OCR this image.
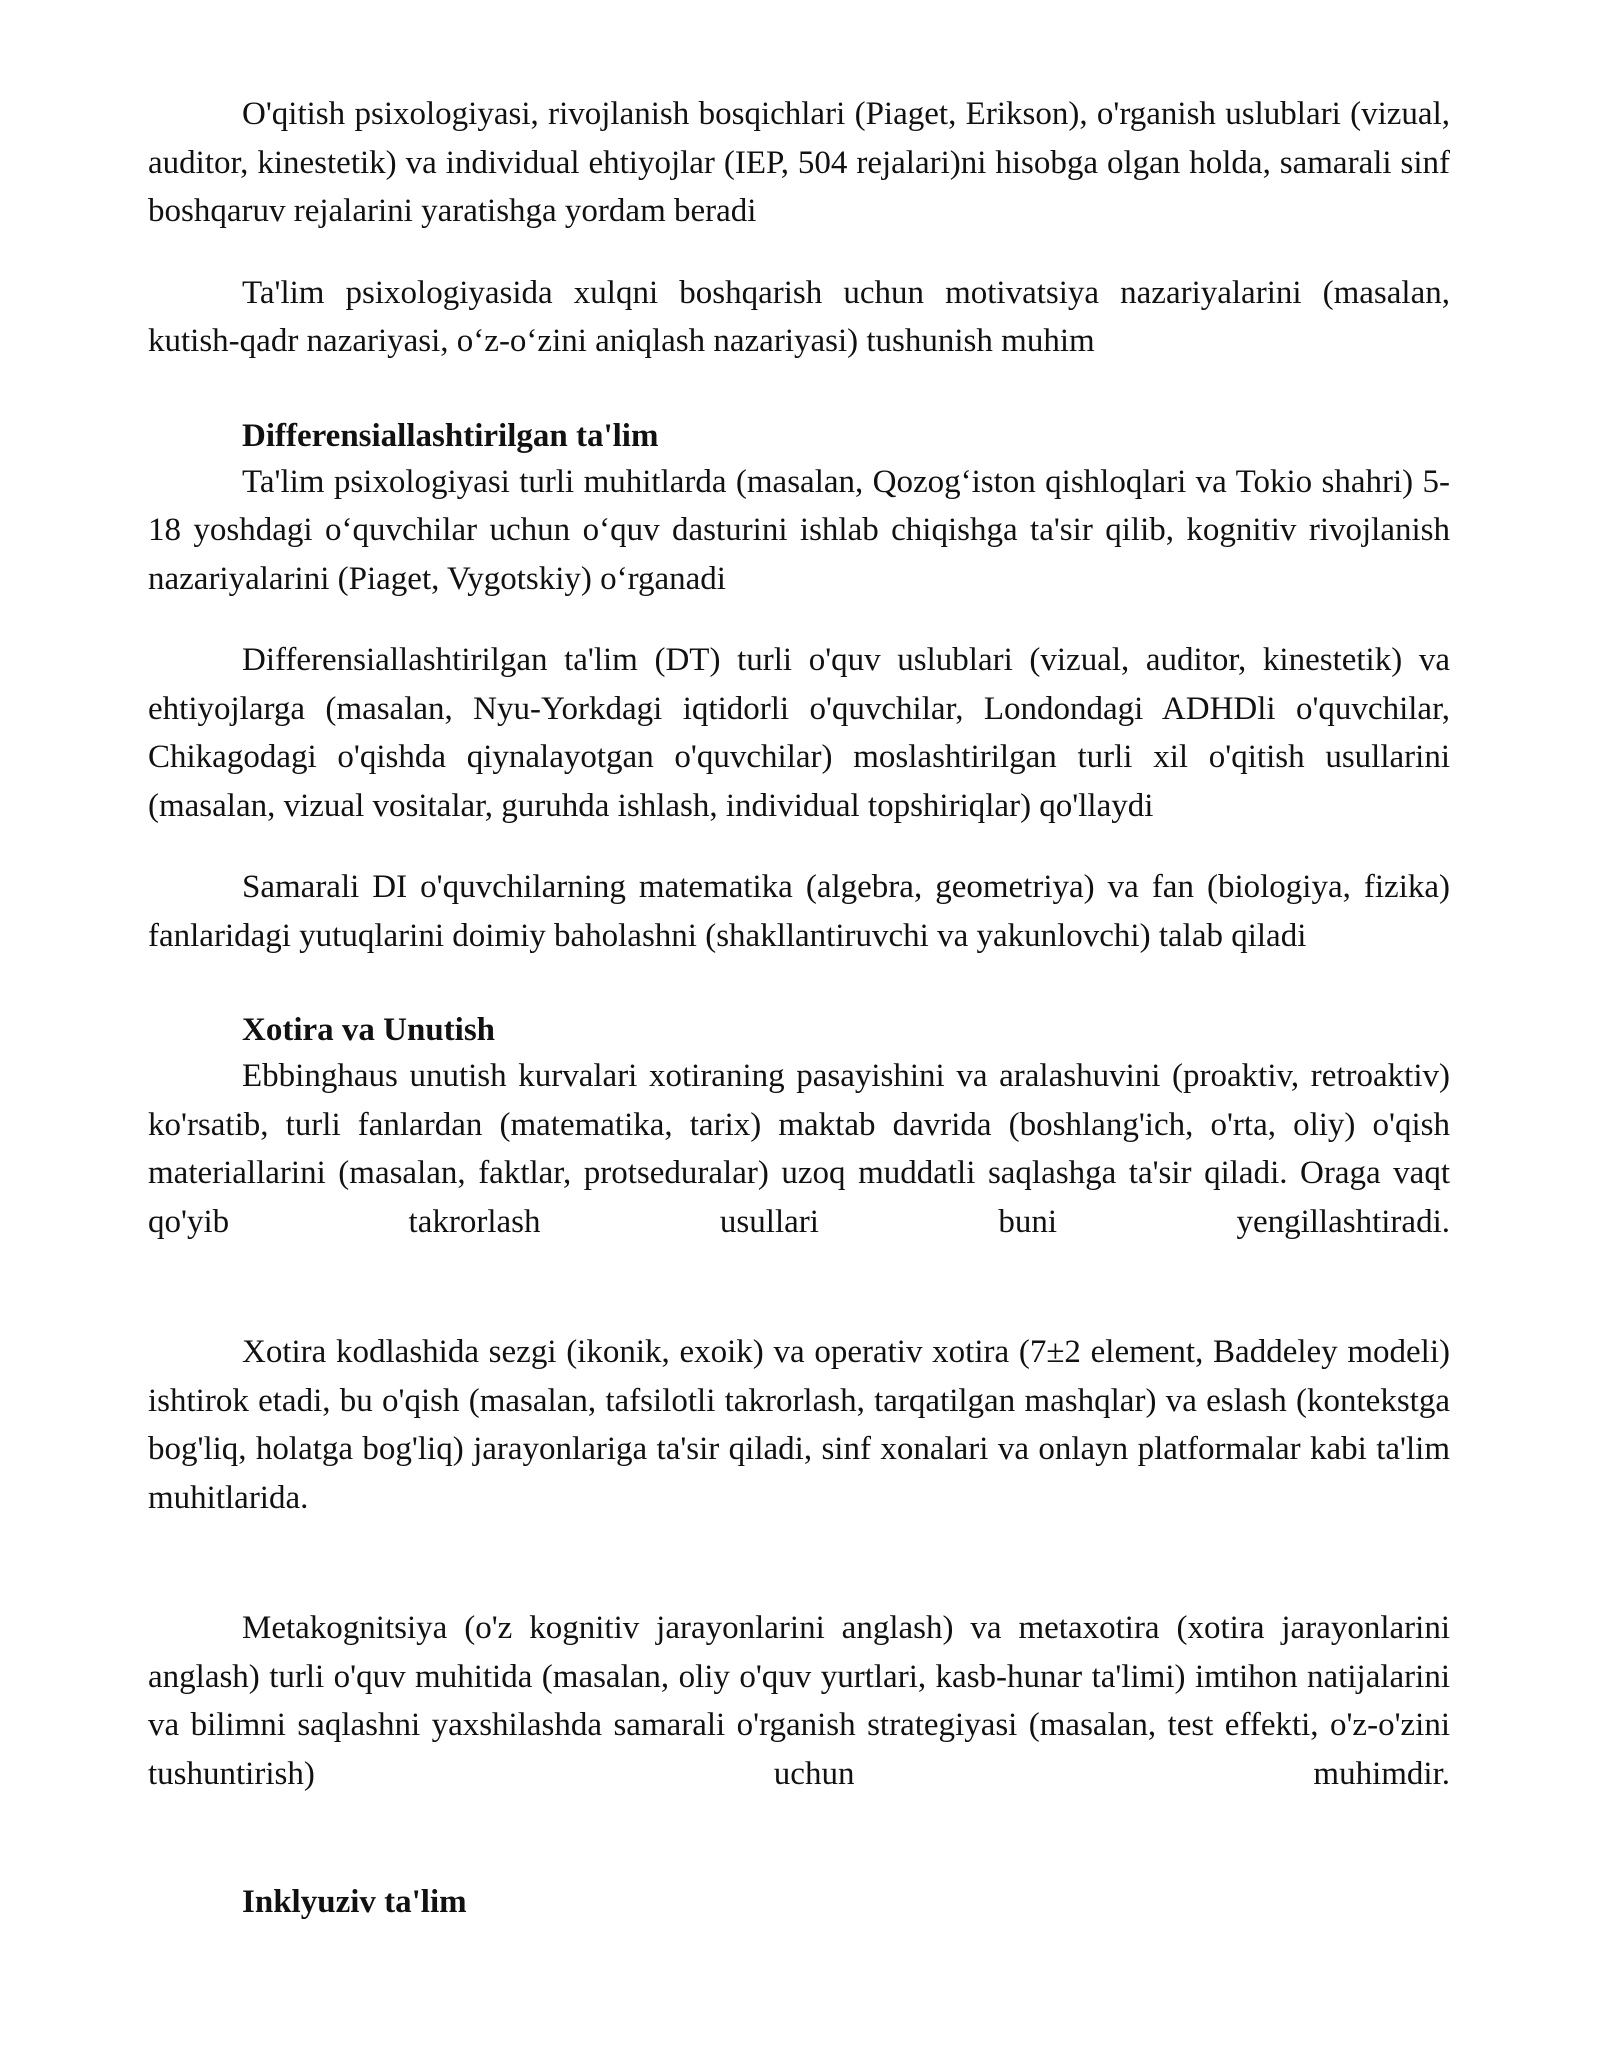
O'qitish psixologiyasi, rivojlanish bosqichlari (Piaget, Erikson), o'rganish uslublari (vizual, auditor, kinestetik) va individual ehtiyojlar (IEP, 504 rejalari)ni hisobga olgan holda, samarali sinf boshqaruv rejalarini yaratishga yordam beradi

Ta'lim psixologiyasida xulqni boshqarish uchun motivatsiya nazariyalarini (masalan, kutish-qadr nazariyasi, o‘z-o‘zini aniqlash nazariyasi) tushunish muhim

Differensiallashtirilgan ta'lim

Ta'lim psixologiyasi turli muhitlarda (masalan, Qozog‘iston qishloqlari va Tokio shahri) 5-18 yoshdagi o‘quvchilar uchun o‘quv dasturini ishlab chiqishga ta'sir qilib, kognitiv rivojlanish nazariyalarini (Piaget, Vygotskiy) o‘rganadi

Differensiallashtirilgan ta'lim (DT) turli o'quv uslublari (vizual, auditor, kinestetik) va ehtiyojlarga (masalan, Nyu-Yorkdagi iqtidorli o'quvchilar, Londondagi ADHDli o'quvchilar, Chikagodagi o'qishda qiynalayotgan o'quvchilar) moslashtirilgan turli xil o'qitish usullarini (masalan, vizual vositalar, guruhda ishlash, individual topshiriqlar) qo'llaydi

Samarali DI o'quvchilarning matematika (algebra, geometriya) va fan (biologiya, fizika) fanlaridagi yutuqlarini doimiy baholashni (shakllantiruvchi va yakunlovchi) talab qiladi

Xotira va Unutish

Ebbinghaus unutish kurvalari xotiraning pasayishini va aralashuvini (proaktiv, retroaktiv) ko'rsatib, turli fanlardan (matematika, tarix) maktab davrida (boshlang'ich, o'rta, oliy) o'qish materiallarini (masalan, faktlar, protseduralar) uzoq muddatli saqlashga ta'sir qiladi. Oraga vaqt qo'yib takrorlash usullari buni yengillashtiradi.

Xotira kodlashida sezgi (ikonik, exoik) va operativ xotira (7±2 element, Baddeley modeli) ishtirok etadi, bu o'qish (masalan, tafsilotli takrorlash, tarqatilgan mashqlar) va eslash (kontekstga bog'liq, holatga bog'liq) jarayonlariga ta'sir qiladi, sinf xonalari va onlayn platformalar kabi ta'lim muhitlarida.

Metakognitsiya (o'z kognitiv jarayonlarini anglash) va metaxotira (xotira jarayonlarini anglash) turli o'quv muhitida (masalan, oliy o'quv yurtlari, kasb-hunar ta'limi) imtihon natijalarini va bilimni saqlashni yaxshilashda samarali o'rganish strategiyasi (masalan, test effekti, o'z-o'zini tushuntirish) uchun muhimdir.

Inklyuziv ta'lim
